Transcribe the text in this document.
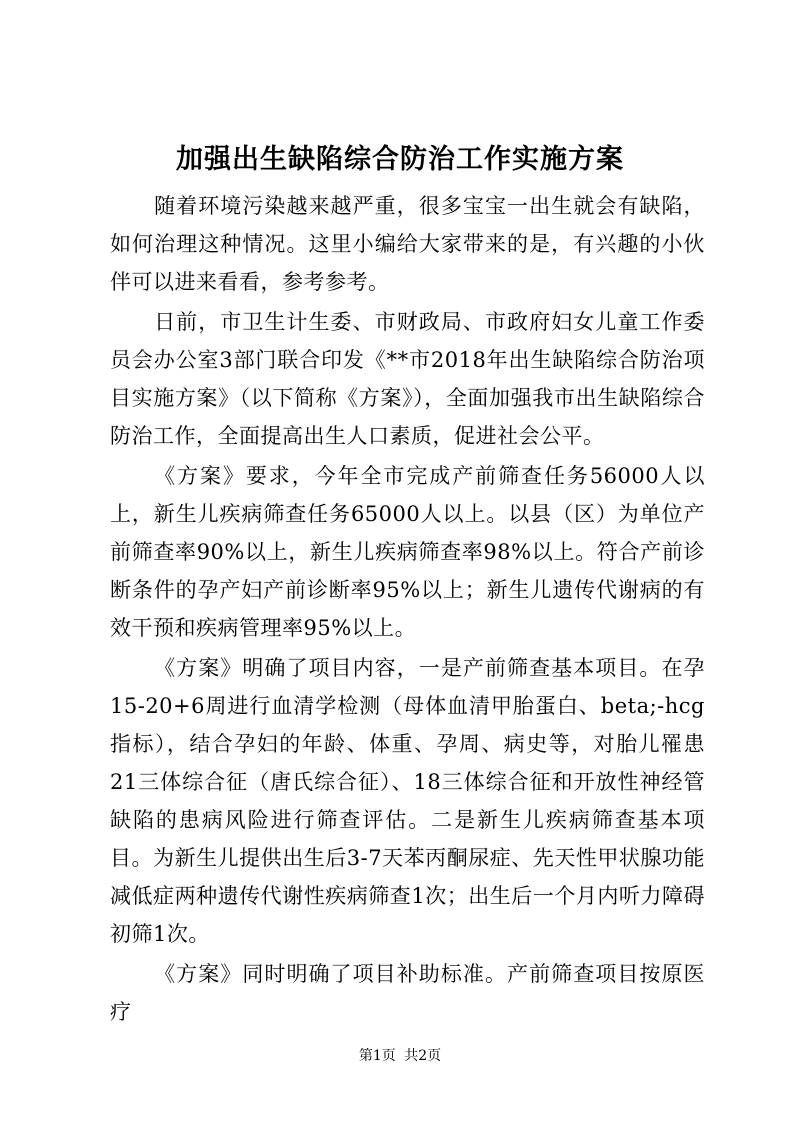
加强出生缺陷综合防治工作实施方案

随着环境污染越来越严重，很多宝宝一出生就会有缺陷，如何治理这种情况。这里小编给大家带来的是，有兴趣的小伙伴可以进来看看，参考参考。

日前，市卫生计生委、市财政局、市政府妇女儿童工作委员会办公室3部门联合印发《**市2018年出生缺陷综合防治项目实施方案》（以下简称《方案》），全面加强我市出生缺陷综合防治工作，全面提高出生人口素质，促进社会公平。

《方案》要求，今年全市完成产前筛查任务56000人以上，新生儿疾病筛查任务65000人以上。以县（区）为单位产前筛查率90%以上，新生儿疾病筛查率98%以上。符合产前诊断条件的孕产妇产前诊断率95%以上；新生儿遗传代谢病的有效干预和疾病管理率95%以上。

《方案》明确了项目内容，一是产前筛查基本项目。在孕15-20+6周进行血清学检测（母体血清甲胎蛋白、beta;-hcg指标），结合孕妇的年龄、体重、孕周、病史等，对胎儿罹患21三体综合征（唐氏综合征）、18三体综合征和开放性神经管缺陷的患病风险进行筛查评估。二是新生儿疾病筛查基本项目。为新生儿提供出生后3-7天苯丙酮尿症、先天性甲状腺功能减低症两种遗传代谢性疾病筛查1次；出生后一个月内听力障碍初筛1次。

《方案》同时明确了项目补助标准。产前筛查项目按原医疗

第1页 共2页
